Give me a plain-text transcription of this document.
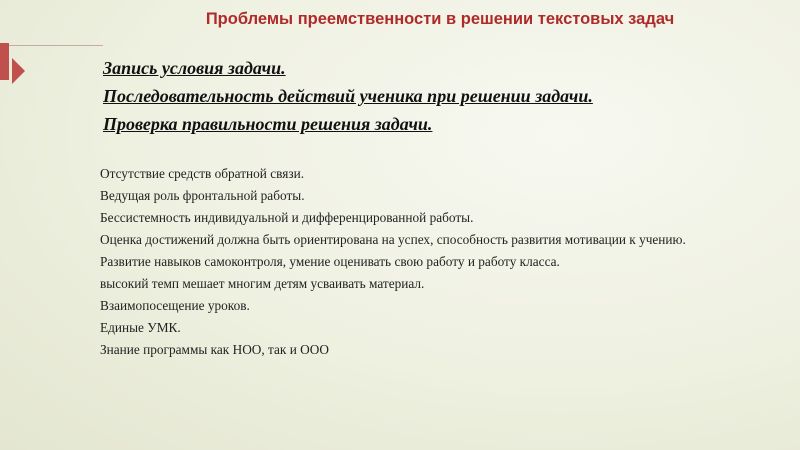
Проблемы преемственности в решении текстовых задач
Запись условия задачи.
Последовательность действий ученика при решении задачи.
Проверка правильности решения задачи.
Отсутствие средств обратной связи.
Ведущая роль фронтальной работы.
Бессистемность индивидуальной и дифференцированной работы.
Оценка достижений должна быть ориентирована на успех, способность развития мотивации к учению.
Развитие навыков самоконтроля, умение оценивать свою работу и работу класса.
высокий темп мешает многим детям усваивать материал.
Взаимопосещение уроков.
Единые УМК.
Знание программы как НОО, так и ООО
